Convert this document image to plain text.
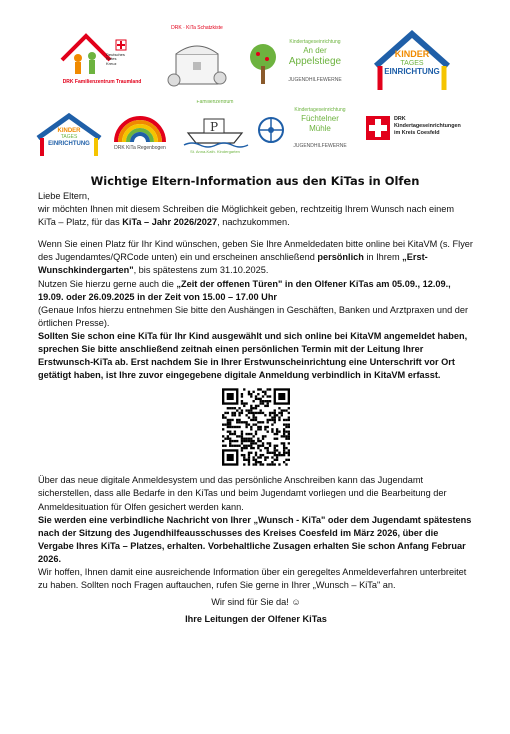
Deutsches
Rotes
Kreuz
DRK Familienzentrum Traumland
DRK · KiTa Schatzkiste
Kindertageseinrichtung
An der
Appelstiege
JUGENDHILFEWERNE
KINDER
TAGES
EINRICHTUNG
KINDER
TAGES
EINRICHTUNG
DRK KiTa Regenbogen
Familienzentrum
P
St. Anna-Kath. Kindergarten
Kindertageseinrichtung
Füchtelner
Mühle
JUGENDHILFEWERNE
DRK
Kindertageseinrichtungen
im Kreis Coesfeld
Wichtige Eltern-Information aus den KiTas in Olfen

Liebe Eltern,

wir möchten Ihnen mit diesem Schreiben die Möglichkeit geben, rechtzeitig Ihrem Wunsch nach einem KiTa – Platz, für das KiTa – Jahr 2026/2027, nachzukommen.

Wenn Sie einen Platz für Ihr Kind wünschen, geben Sie Ihre Anmeldedaten bitte online bei KitaVM (s. Flyer des Jugendamtes/QRCode unten) ein und erscheinen anschließend persönlich in Ihrem „Erst-Wunschkindergarten", bis spätestens zum 31.10.2025.

Nutzen Sie hierzu gerne auch die „Zeit der offenen Türen" in den Olfener KiTas am 05.09., 12.09., 19.09. oder 26.09.2025 in der Zeit von 15.00 – 17.00 Uhr

(Genaue Infos hierzu entnehmen Sie bitte den Aushängen in Geschäften, Banken und Arztpraxen und der örtlichen Presse).

Sollten Sie schon eine KiTa für Ihr Kind ausgewählt und sich online bei KitaVM angemeldet haben, sprechen Sie bitte anschließend zeitnah einen persönlichen Termin mit der Leitung Ihrer Erstwunsch-KiTa ab. Erst nachdem Sie in Ihrer Erstwunscheinrichtung eine Unterschrift vor Ort getätigt haben, ist Ihre zuvor eingegebene digitale Anmeldung verbindlich in KitaVM erfasst.

Über das neue digitale Anmeldesystem und das persönliche Anschreiben kann das Jugendamt sicherstellen, dass alle Bedarfe in den KiTas und beim Jugendamt vorliegen und die Bearbeitung der Anmeldesituation für Olfen gesichert werden kann.

Sie werden eine verbindliche Nachricht von Ihrer „Wunsch - KiTa" oder dem Jugendamt spätestens nach der Sitzung des Jugendhilfeausschusses des Kreises Coesfeld im März 2026, über die Vergabe Ihres KiTa – Platzes, erhalten. Vorbehaltliche Zusagen erhalten Sie schon Anfang Februar 2026.

Wir hoffen, Ihnen damit eine ausreichende Information über ein geregeltes Anmeldeverfahren unterbreitet zu haben. Sollten noch Fragen auftauchen, rufen Sie gerne in Ihrer „Wunsch – KiTa" an.

Wir sind für Sie da! ☺

Ihre Leitungen der Olfener KiTas
